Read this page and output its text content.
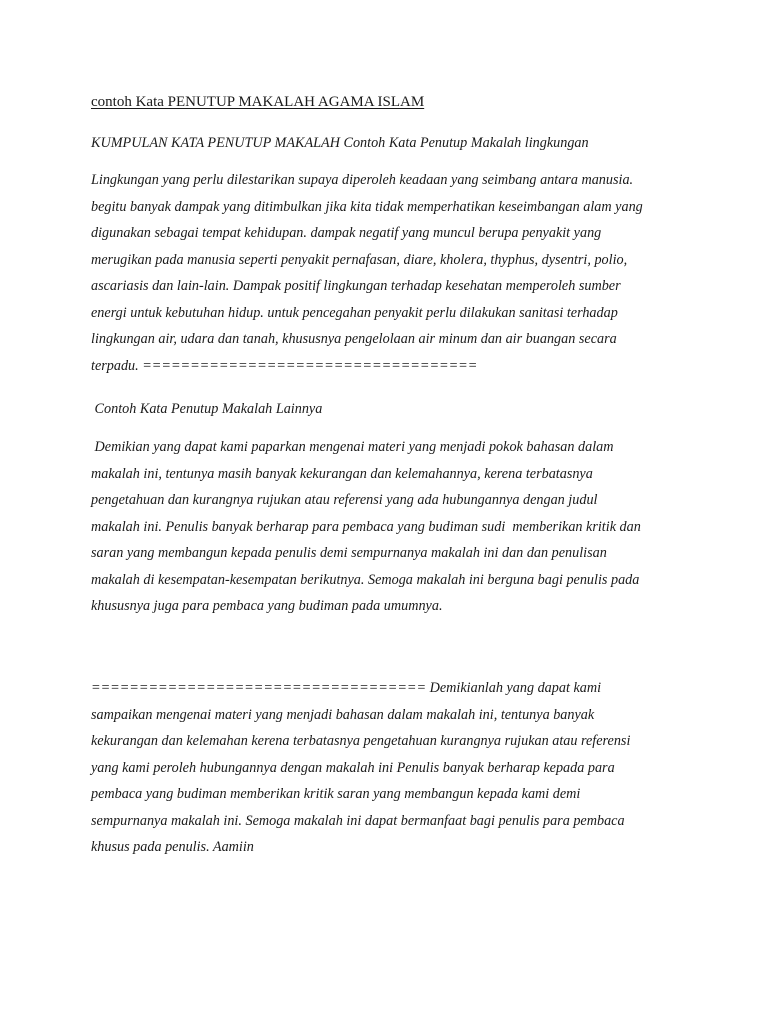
contoh Kata PENUTUP MAKALAH AGAMA ISLAM
KUMPULAN KATA PENUTUP MAKALAH Contoh Kata Penutup Makalah lingkungan
Lingkungan yang perlu dilestarikan supaya diperoleh keadaan yang seimbang antara manusia.
begitu banyak dampak yang ditimbulkan jika kita tidak memperhatikan keseimbangan alam yang
digunakan sebagai tempat kehidupan. dampak negatif yang muncul berupa penyakit yang
merugikan pada manusia seperti penyakit pernafasan, diare, kholera, thyphus, dysentri, polio,
ascariasis dan lain-lain. Dampak positif lingkungan terhadap kesehatan memperoleh sumber
energi untuk kebutuhan hidup. untuk pencegahan penyakit perlu dilakukan sanitasi terhadap
lingkungan air, udara dan tanah, khususnya pengelolaan air minum dan air buangan secara
terpadu. ===================================
Contoh Kata Penutup Makalah Lainnya
Demikian yang dapat kami paparkan mengenai materi yang menjadi pokok bahasan dalam
makalah ini, tentunya masih banyak kekurangan dan kelemahannya, kerena terbatasnya
pengetahuan dan kurangnya rujukan atau referensi yang ada hubungannya dengan judul
makalah ini. Penulis banyak berharap para pembaca yang budiman sudi  memberikan kritik dan
saran yang membangun kepada penulis demi sempurnanya makalah ini dan dan penulisan
makalah di kesempatan-kesempatan berikutnya. Semoga makalah ini berguna bagi penulis pada
khususnya juga para pembaca yang budiman pada umumnya.
=================================== Demikianlah yang dapat kami
sampaikan mengenai materi yang menjadi bahasan dalam makalah ini, tentunya banyak
kekurangan dan kelemahan kerena terbatasnya pengetahuan kurangnya rujukan atau referensi
yang kami peroleh hubungannya dengan makalah ini Penulis banyak berharap kepada para
pembaca yang budiman memberikan kritik saran yang membangun kepada kami demi
sempurnanya makalah ini. Semoga makalah ini dapat bermanfaat bagi penulis para pembaca
khusus pada penulis. Aamiin
